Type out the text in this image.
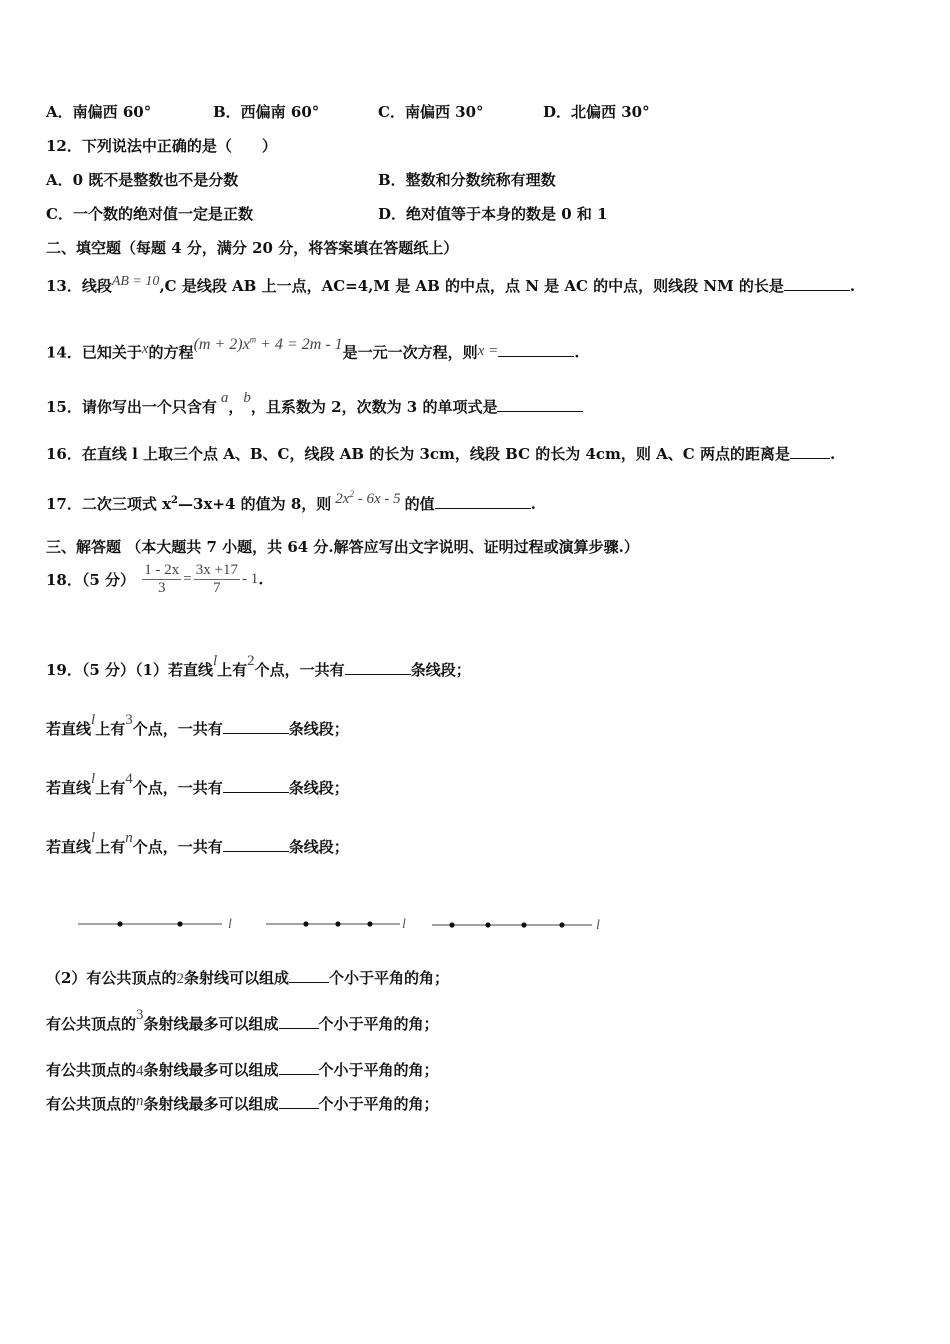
A．南偏西 60°	B．西偏南 60°	C．南偏西 30°	D．北偏西 30°
12．下列说法中正确的是（　　）
A．0 既不是整数也不是分数	B．整数和分数统称有理数
C．一个数的绝对值一定是正数	D．绝对值等于本身的数是 0 和 1
二、填空题（每题 4 分，满分 20 分，将答案填在答题纸上）
13．线段AB = 10,C 是线段 AB 上一点，AC=4,M 是 AB 的中点，点 N 是 AC 的中点，则线段 NM 的长是	.
14．已知关于x的方程$(m + 2)x^m + 4 = 2m - 1$是一元一次方程，则x =	.
15．请你写出一个只含有 a，b，且系数为 2，次数为 3 的单项式是
16．在直线 l 上取三个点 A、B、C，线段 AB 的长为 3cm，线段 BC 的长为 4cm，则 A、C 两点的距离是	.
17．二次三项式 $x^2—3x+4$ 的值为 8，则 $2x^2 - 6x - 5$ 的值	.
三、解答题 （本大题共 7 小题，共 64 分.解答应写出文字说明、证明过程或演算步骤.）
18．（5 分） $\frac{1 - 2x}{3} = \frac{3x +17}{7} - 1$.
19．（5 分）（1）若直线l上有2个点，一共有	条线段；
若直线l上有3个点，一共有	条线段；
若直线l上有4个点，一共有	条线段；
若直线l上有n个点，一共有	条线段；
l	l	l
（2）有公共顶点的2条射线可以组成	个小于平角的角；
有公共顶点的3条射线最多可以组成	个小于平角的角；
有公共顶点的4条射线最多可以组成	个小于平角的角；
有公共顶点的n条射线最多可以组成	个小于平角的角；
